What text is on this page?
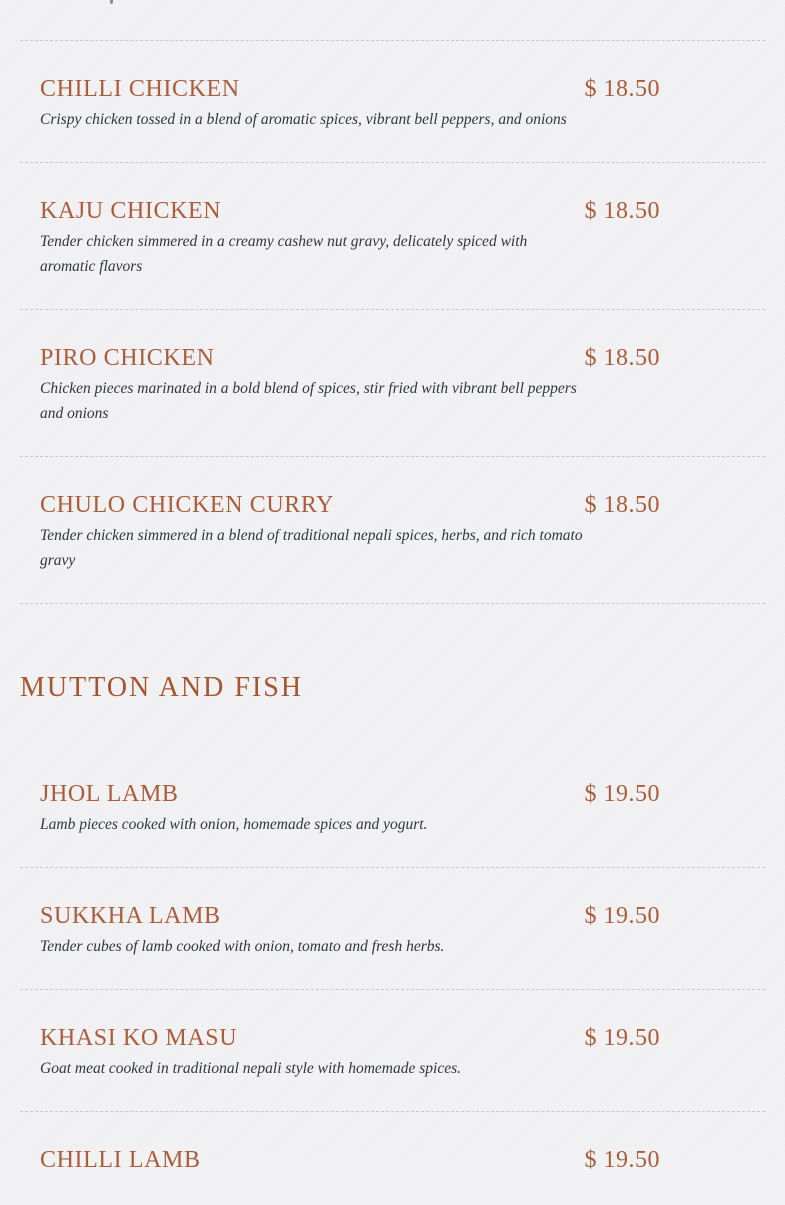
CHILLI CHICKEN

Crispy chicken tossed in a blend of aromatic spices, vibrant bell peppers, and onions

$ 18.50
KAJU CHICKEN

Tender chicken simmered in a creamy cashew nut gravy, delicately spiced with aromatic flavors

$ 18.50
PIRO CHICKEN

Chicken pieces marinated in a bold blend of spices, stir fried with vibrant bell peppers and onions

$ 18.50
CHULO CHICKEN CURRY

Tender chicken simmered in a blend of traditional nepali spices, herbs, and rich tomato gravy

$ 18.50
MUTTON AND FISH
JHOL LAMB

Lamb pieces cooked with onion, homemade spices and yogurt.

$ 19.50
SUKKHA LAMB

Tender cubes of lamb cooked with onion, tomato and fresh herbs.

$ 19.50
KHASI KO MASU

Goat meat cooked in traditional nepali style with homemade spices.

$ 19.50
CHILLI LAMB	$ 19.50
